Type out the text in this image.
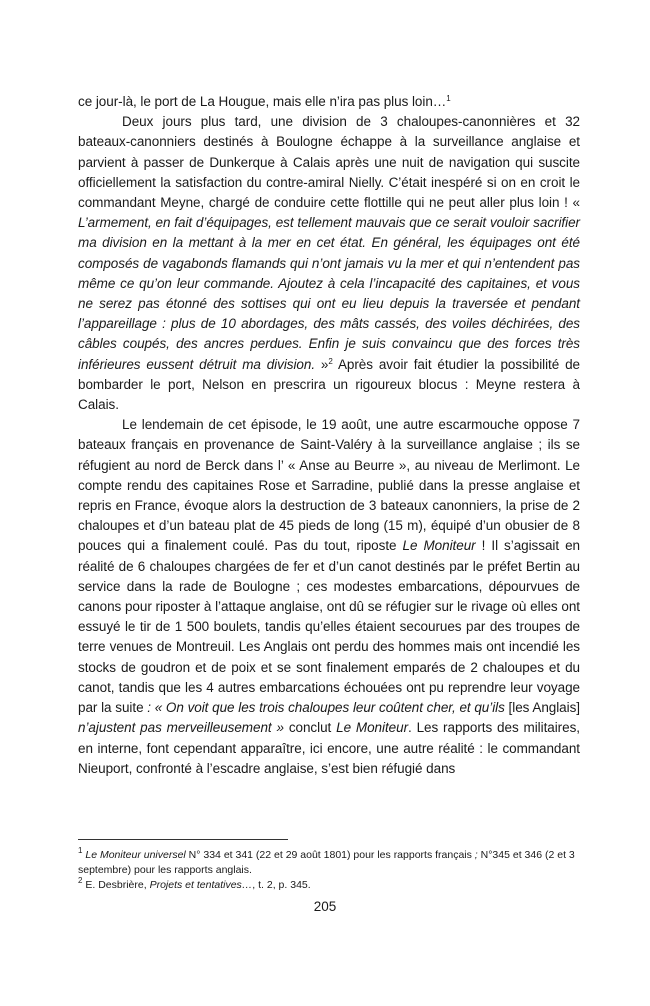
ce jour-là, le port de La Hougue, mais elle n’ira pas plus loin…$^1$

Deux jours plus tard, une division de 3 chaloupes-canonnières et 32 bateaux-canonniers destinés à Boulogne échappe à la surveillance anglaise et parvient à passer de Dunkerque à Calais après une nuit de navigation qui suscite officiellement la satisfaction du contre-amiral Nielly. C’était inespéré si on en croit le commandant Meyne, chargé de conduire cette flottille qui ne peut aller plus loin ! « L’armement, en fait d’équipages, est tellement mauvais que ce serait vouloir sacrifier ma division en la mettant à la mer en cet état. En général, les équipages ont été composés de vagabonds flamands qui n’ont jamais vu la mer et qui n’entendent pas même ce qu’on leur commande. Ajoutez à cela l’incapacité des capitaines, et vous ne serez pas étonné des sottises qui ont eu lieu depuis la traversée et pendant l’appareillage : plus de 10 abordages, des mâts cassés, des voiles déchirées, des câbles coupés, des ancres perdues. Enfin je suis convaincu que des forces très inférieures eussent détruit ma division. »$^2$ Après avoir fait étudier la possibilité de bombarder le port, Nelson en prescrira un rigoureux blocus : Meyne restera à Calais.

Le lendemain de cet épisode, le 19 août, une autre escarmouche oppose 7 bateaux français en provenance de Saint-Valéry à la surveillance anglaise ; ils se réfugient au nord de Berck dans l’ « Anse au Beurre », au niveau de Merlimont. Le compte rendu des capitaines Rose et Sarradine, publié dans la presse anglaise et repris en France, évoque alors la destruction de 3 bateaux canonniers, la prise de 2 chaloupes et d’un bateau plat de 45 pieds de long (15 m), équipé d’un obusier de 8 pouces qui a finalement coulé. Pas du tout, riposte Le Moniteur ! Il s’agissait en réalité de 6 chaloupes chargées de fer et d’un canot destinés par le préfet Bertin au service dans la rade de Boulogne ; ces modestes embarcations, dépourvues de canons pour riposter à l’attaque anglaise, ont dû se réfugier sur le rivage où elles ont essuyé le tir de 1 500 boulets, tandis qu’elles étaient secourues par des troupes de terre venues de Montreuil. Les Anglais ont perdu des hommes mais ont incendié les stocks de goudron et de poix et se sont finalement emparés de 2 chaloupes et du canot, tandis que les 4 autres embarcations échouées ont pu reprendre leur voyage par la suite : « On voit que les trois chaloupes leur coûtent cher, et qu’ils [les Anglais] n’ajustent pas merveilleusement » conclut Le Moniteur. Les rapports des militaires, en interne, font cependant apparaître, ici encore, une autre réalité : le commandant Nieuport, confronté à l’escadre anglaise, s’est bien réfugié dans

$^1$ Le Moniteur universel N° 334 et 341 (22 et 29 août 1801) pour les rapports français ; N°345 et 346 (2 et 3 septembre) pour les rapports anglais.
$^2$ E. Desbrière, Projets et tentatives…, t. 2, p. 345.
205
